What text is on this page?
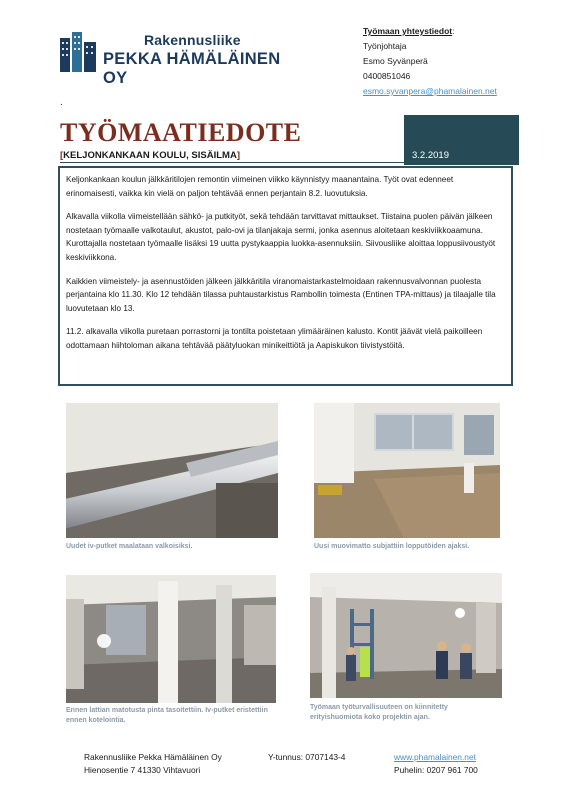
Rakennusliike
PEKKA HÄMÄLÄINEN OY
Työmaan yhteystiedot:
Työnjohtaja
Esmo Syvänperä
0400851046
esmo.syvanpera@phamalainen.net
.
TYÖMAATIEDOTE
[KELJONKANKAAN KOULU, SISÄILMA]	3.2.2019

Keljonkankaan koulun jälkkäritilojen remontin viimeinen viikko käynnistyy maanantaina. Työt ovat edenneet erinomaisesti, vaikka kin vielä on paljon tehtävää ennen perjantain 8.2. luovutuksia.

Alkavalla viikolla viimeistellään sähkö- ja putkityöt, sekä tehdään tarvittavat mittaukset. Tiistaina puolen päivän jälkeen nostetaan työmaalle valkotaulut, akustot, palo-ovi ja tilanjakaja sermi, jonka asennus aloitetaan keskiviikkoaamuna. Kurottajalla nostetaan työmaalle lisäksi 19 uutta pystykaappia luokka-asennuksiin. Siivousliike aloittaa loppusiivoustyöt keskiviikkona.

Kaikkien viimeistely- ja asennustöiden jälkeen jälkkäritila viranomaistarkastelmoidaan rakennusvalvonnan puolesta perjantaina klo 11.30. Klo 12 tehdään tilassa puhtaustarkistus Rambollin toimesta (Entinen TPA-mittaus) ja tilaajalle tila luovutetaan klo 13.

11.2. alkavalla viikolla puretaan porrastorni ja tontilta poistetaan ylimääräinen kalusto. Kontit jäävät vielä paikoilleen odottamaan hiihtoloman aikana tehtävää päätyluokan minikeittiötä ja Aapiskukon tiivistystöitä.

Uudet iv-putket maalataan valkoisiksi.	Uusi muovimatto subjattiin lopputöiden ajaksi.
Ennen lattian matotusta pinta tasoitettiin. Iv-putket eristettiin ennen kotelointia.
Työmaan työturvallisuuteen on kiinnitetty erityishuomiota koko projektin ajan.
Rakennusliike Pekka Hämäläinen Oy
Hienosentie 7 41330 Vihtavuori
Y-tunnus: 0707143-4	www.phamalainen.net
Puhelin: 0207 961 700
